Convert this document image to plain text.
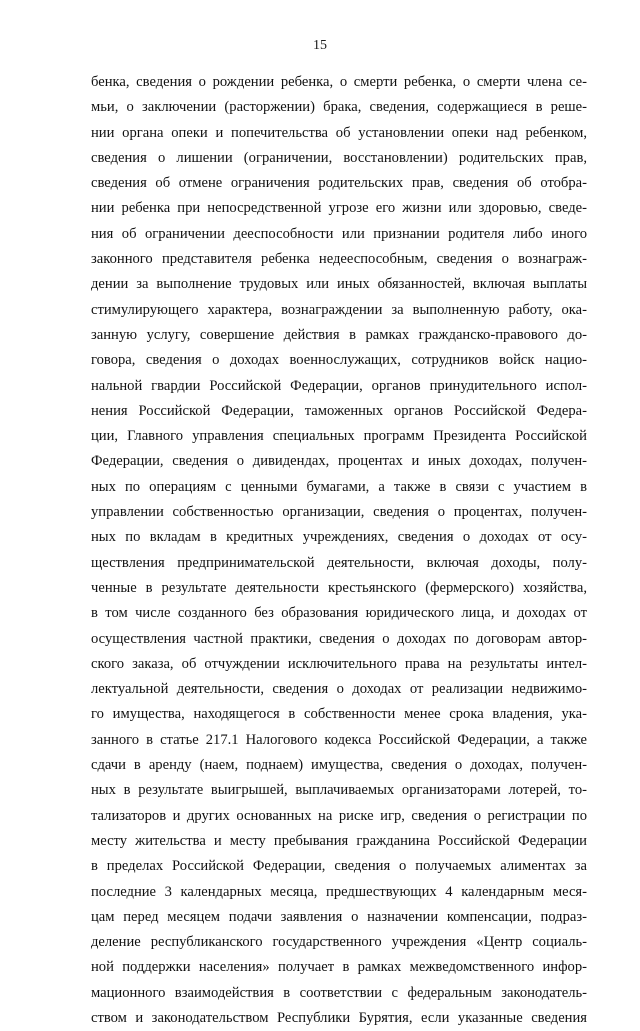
15
бенка, сведения о рождении ребенка, о смерти ребенка, о смерти члена се-
мьи, о заключении (расторжении) брака, сведения, содержащиеся в реше-
нии органа опеки и попечительства об установлении опеки над ребенком,
сведения о лишении (ограничении, восстановлении) родительских прав,
сведения об отмене ограничения родительских прав, сведения об отобра-
нии ребенка при непосредственной угрозе его жизни или здоровью, сведе-
ния об ограничении дееспособности или признании родителя либо иного
законного представителя ребенка недееспособным, сведения о вознаграж-
дении за выполнение трудовых или иных обязанностей, включая выплаты
стимулирующего характера, вознаграждении за выполненную работу, ока-
занную услугу, совершение действия в рамках гражданско-правового до-
говора, сведения о доходах военнослужащих, сотрудников войск нацио-
нальной гвардии Российской Федерации, органов принудительного испол-
нения Российской Федерации, таможенных органов Российской Федера-
ции, Главного управления специальных программ Президента Российской
Федерации, сведения о дивидендах, процентах и иных доходах, получен-
ных по операциям с ценными бумагами, а также в связи с участием в
управлении собственностью организации, сведения о процентах, получен-
ных по вкладам в кредитных учреждениях, сведения о доходах от осу-
ществления предпринимательской деятельности, включая доходы, полу-
ченные в результате деятельности крестьянского (фермерского) хозяйства,
в том числе созданного без образования юридического лица, и доходах от
осуществления частной практики, сведения о доходах по договорам автор-
ского заказа, об отчуждении исключительного права на результаты интел-
лектуальной деятельности, сведения о доходах от реализации недвижимо-
го имущества, находящегося в собственности менее срока владения, ука-
занного в статье 217.1 Налогового кодекса Российской Федерации, а также
сдачи в аренду (наем, поднаем) имущества, сведения о доходах, получен-
ных в результате выигрышей, выплачиваемых организаторами лотерей, то-
тализаторов и других основанных на риске игр, сведения о регистрации по
месту жительства и месту пребывания гражданина Российской Федерации
в пределах Российской Федерации, сведения о получаемых алиментах за
последние 3 календарных месяца, предшествующих 4 календарным меся-
цам перед месяцем подачи заявления о назначении компенсации, подраз-
деление республиканского государственного учреждения «Центр социаль-
ной поддержки населения» получает в рамках межведомственного инфор-
мационного взаимодействия в соответствии с федеральным законодатель-
ством и законодательством Республики Бурятия, если указанные сведения
